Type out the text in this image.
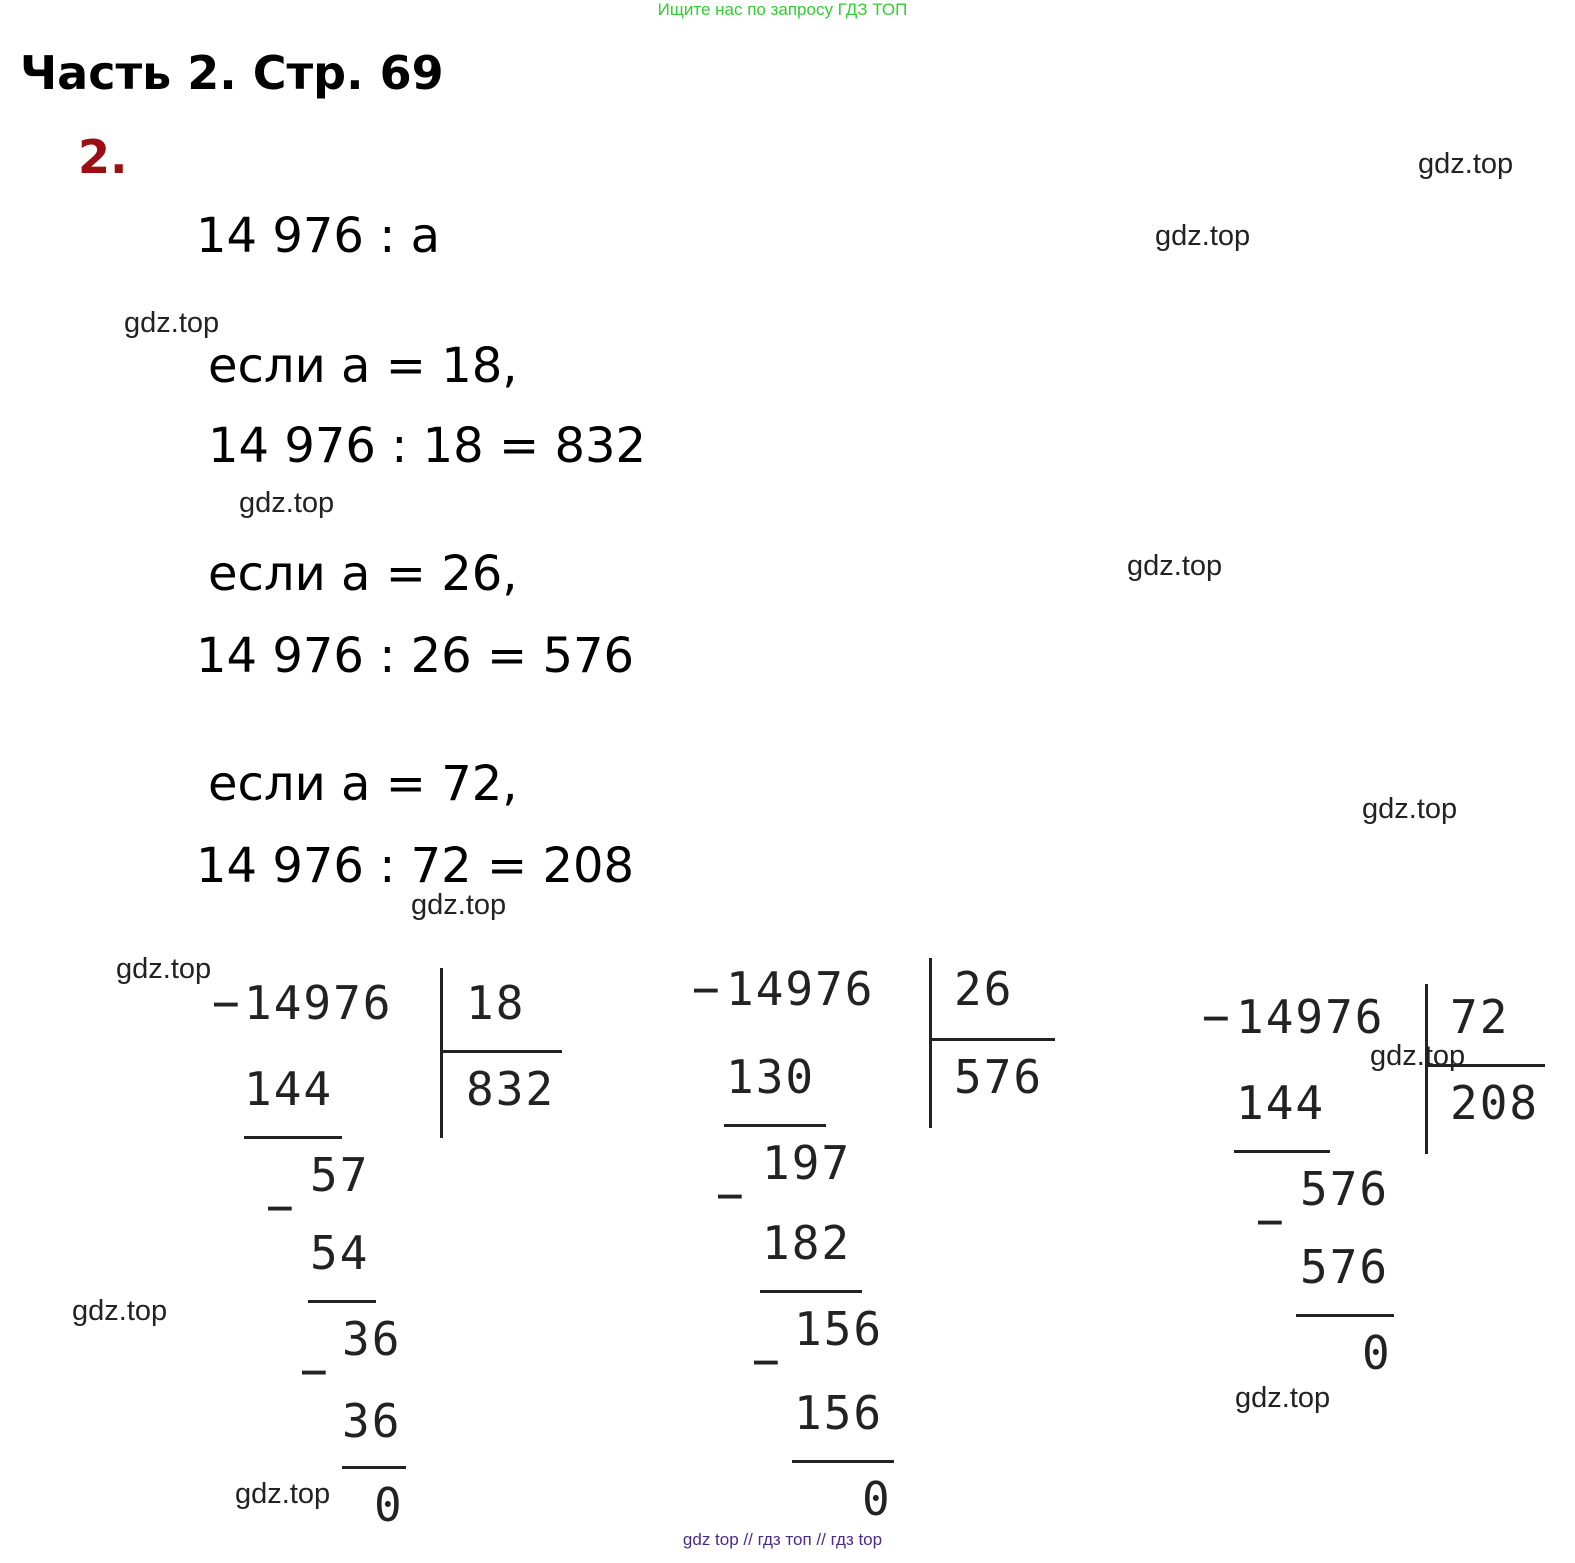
Ищите нас по запросу ГДЗ ТОП
Часть 2. Стр. 69
2.
14 976 : а
если а = 18,
14 976 : 18 = 832
если а = 26,
14 976 : 26 = 576
если а = 72,
14 976 : 72 = 208
− 14976 18
832
144
57
−
54
36
−
36
0
− 14976 26
576
130
197
−
182
156
−
156
0
− 14976 72
208
144
576
−
576
0
gdz.top
gdz.top
gdz.top
gdz.top
gdz.top
gdz.top
gdz.top
gdz.top
gdz.top
gdz.top
gdz.top
gdz.top
gdz top // гдз топ // гдз top
